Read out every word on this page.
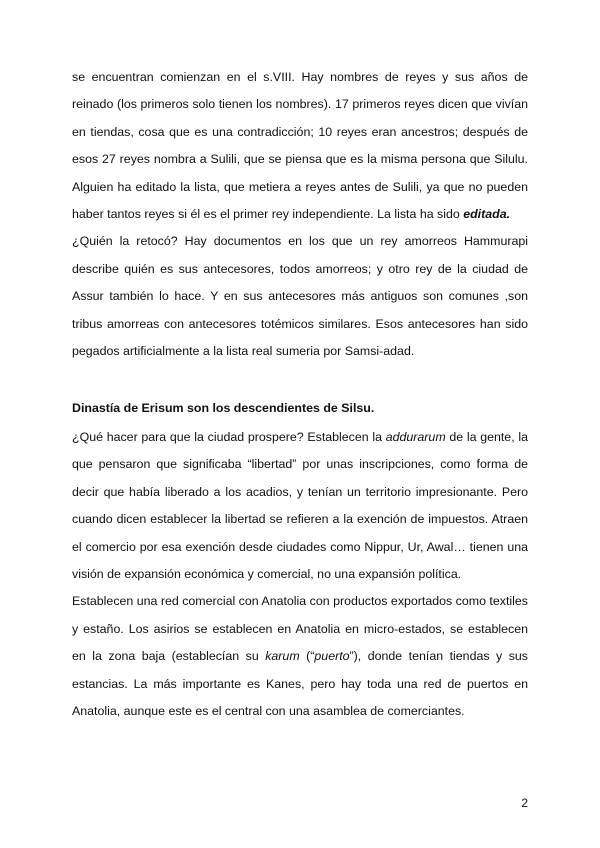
se encuentran comienzan en el s.VIII. Hay nombres de reyes y sus años de reinado (los primeros solo tienen los nombres). 17 primeros reyes dicen que vivían en tiendas, cosa que es una contradicción; 10 reyes eran ancestros; después de esos 27 reyes nombra a Sulili, que se piensa que es la misma persona que Silulu. Alguien ha editado la lista, que metiera a reyes antes de Sulili, ya que no pueden haber tantos reyes si él es el primer rey independiente. La lista ha sido editada.

¿Quién la retocó? Hay documentos en los que un rey amorreos Hammurapi describe quién es sus antecesores, todos amorreos; y otro rey de la ciudad de Assur también lo hace. Y en sus antecesores más antiguos son comunes ,son tribus amorreas con antecesores totémicos similares. Esos antecesores han sido pegados artificialmente a la lista real sumeria por Samsi-adad.

Dinastía de Erisum son los descendientes de Silsu.

¿Qué hacer para que la ciudad prospere? Establecen la addurarum de la gente, la que pensaron que significaba “libertad” por unas inscripciones, como forma de decir que había liberado a los acadios, y tenían un territorio impresionante. Pero cuando dicen establecer la libertad se refieren a la exención de impuestos. Atraen el comercio por esa exención desde ciudades como Nippur, Ur, Awal… tienen una visión de expansión económica y comercial, no una expansión política.

Establecen una red comercial con Anatolia con productos exportados como textiles y estaño. Los asirios se establecen en Anatolia en micro-estados, se establecen en la zona baja (establecían su karum (“puerto”), donde tenían tiendas y sus estancias. La más importante es Kanes, pero hay toda una red de puertos en Anatolia, aunque este es el central con una asamblea de comerciantes.

2
